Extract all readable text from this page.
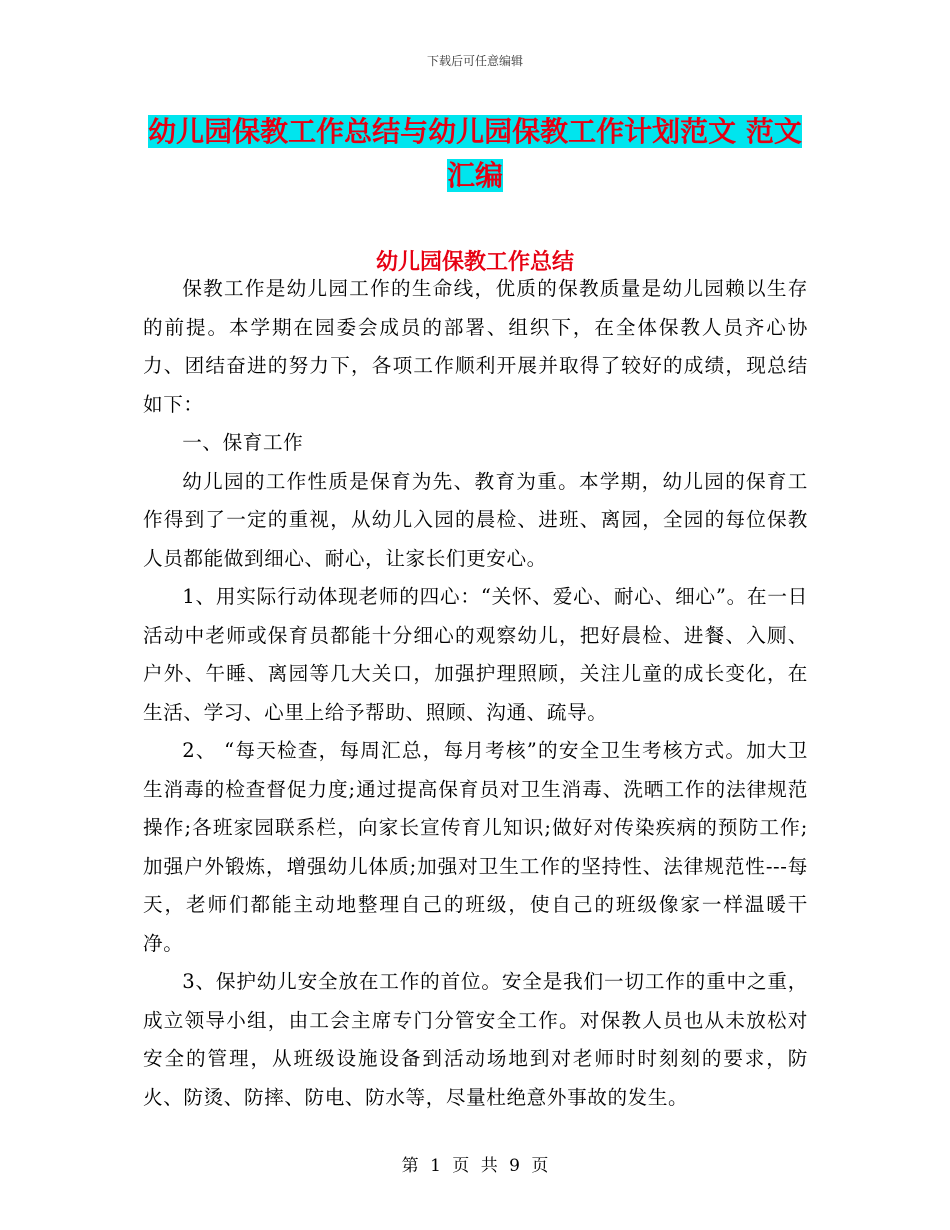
下载后可任意编辑
幼儿园保教工作总结与幼儿园保教工作计划范文 范文
汇编
幼儿园保教工作总结

保教工作是幼儿园工作的生命线，优质的保教质量是幼儿园赖以生存的前提。本学期在园委会成员的部署、组织下，在全体保教人员齐心协力、团结奋进的努力下，各项工作顺利开展并取得了较好的成绩，现总结如下：

一、保育工作

幼儿园的工作性质是保育为先、教育为重。本学期，幼儿园的保育工作得到了一定的重视，从幼儿入园的晨检、进班、离园，全园的每位保教人员都能做到细心、耐心，让家长们更安心。

1、用实际行动体现老师的四心：“关怀、爱心、耐心、细心”。在一日活动中老师或保育员都能十分细心的观察幼儿，把好晨检、进餐、入厕、户外、午睡、离园等几大关口，加强护理照顾，关注儿童的成长变化，在生活、学习、心里上给予帮助、照顾、沟通、疏导。

2、 “每天检查，每周汇总，每月考核”的安全卫生考核方式。加大卫生消毒的检查督促力度;通过提高保育员对卫生消毒、洗晒工作的法律规范操作;各班家园联系栏，向家长宣传育儿知识;做好对传染疾病的预防工作;加强户外锻炼，增强幼儿体质;加强对卫生工作的坚持性、法律规范性---每天，老师们都能主动地整理自己的班级，使自己的班级像家一样温暖干净。

3、保护幼儿安全放在工作的首位。安全是我们一切工作的重中之重，成立领导小组，由工会主席专门分管安全工作。对保教人员也从未放松对安全的管理，从班级设施设备到活动场地到对老师时时刻刻的要求，防火、防烫、防摔、防电、防水等，尽量杜绝意外事故的发生。

第 1 页 共 9 页
